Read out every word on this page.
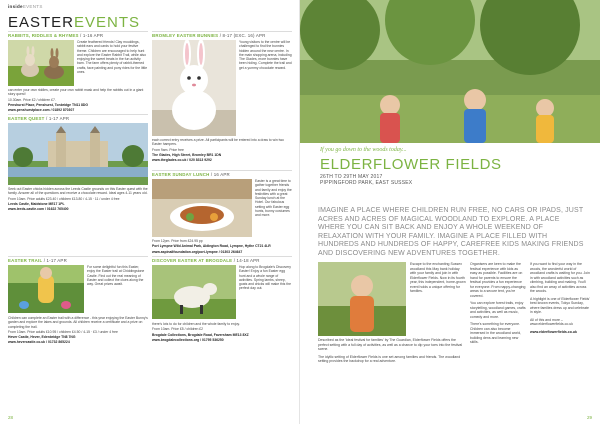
insideEVENTS
EASTEREVENTS
RABBITS, RIDDLES & RHYMES / 1-16 APR

Create feathered friends! Clay mouldings, rabbit ears and cards to hold your festive theme. Children are encouraged to help hunt and explore the Easter Rabbit Trail, while also enjoying the sweet treats in the fun activity barn. The farm offers plenty of rabbit-themed crafts, face painting and pony rides for the little ones.

can enter your own riddles, create your own rabbit mask and help the rabbits out in a giant story quest!

10.30am. Price £2 / children £7.

Penshurst Place, Penshurst, Tonbridge TN11 8DG

www.penshurstplace.com / 01892 870307

EASTER QUEST / 1-17 APR

Seek out Easter chicks hidden across the Leeds Castle grounds on this Easter quest with the family. Answer all of the questions and receive a chocolate reward. Ideal ages 4-11 years old.

From 10am. Price adults £23.40 / children £13.80 / 4-15 · 11 / under 4 free

Leeds Castle, Maidstone ME17 1PL

www.leeds-castle.com / 01622 765400

EASTER TRAIL / 1-17 APR

For some delightful fun this Easter, enjoy the Easter trail at Chiddingstone Castle. Find out the real meaning of Easter and collect the clues along the way. Great prizes await.

Children can complete an Easter trail with a difference - this year enjoying the Easter Bunny's garden and explore the lakes and grounds. All children receive a certificate and a prize on completing the trail.

From 10am. Price adults £10.95 / children £4.50 / 4-15 · £3 / under 4 free

Hever Castle, Hever, Edenbridge TN8 7NG

www.hevercastle.co.uk / 01732 865224

BROMLEY EASTER BUNNIES / 8-17 (EXC. 16) APR

Young visitors to the centre will be challenged to find the bunnies hidden around the new centre. In the main shopping arena, including The Glades, more bunnies have been hiding. Complete the trail and get a yummy chocolate reward.

each correct entry receives a prize. All participants will be entered into a draw to win two Easter hampers.

From 9am. Price free

The Glades, High Street, Bromley BR1 1DN

www.theglades.co.uk / 020 8313 9292

EASTER SUNDAY LUNCH / 16 APR

Easter is a great time to gather together friends and family and enjoy the festivities with a great Sunday lunch at the Hotel. Our fabulous setting with Easter egg hunts, bunny costumes and more.

From 12pm. Price from £24.95 pp

Port Lympne Wild Animal Park, Aldington Road, Lympne, Hythe CT21 4LR

www.aspinallfoundation.org/port-lympne / 01303 264647

DISCOVER EASTER AT BROGDALE / 14-18 APR

Hop along to Brogdale's Discovery Easter! Enjoy a fun Easter egg hunt and a whole range of activities. Spring lambs, sheep, goats and chicks will make this the perfect day out.

there's lots to do for children and the whole family to enjoy.

From 10am. Price £5 / children £2

Brogdale Collections, Brogdale Road, Faversham ME13 8XZ

www.brogdalecollections.org / 01795 536250

28	29
If you go down to the woods today...
ELDERFLOWER FIELDS
26TH TO 29TH MAY 2017
PIPPINGFORD PARK, EAST SUSSEX
IMAGINE A PLACE WHERE CHILDREN RUN FREE, NO CARS OR IPADS, JUST ACRES AND ACRES OF MAGICAL WOODLAND TO EXPLORE. A PLACE WHERE YOU CAN SIT BACK AND ENJOY A WHOLE WEEKEND OF RELAXATION WITH YOUR FAMILY. IMAGINE A PLACE FILLED WITH HUNDREDS AND HUNDREDS OF HAPPY, CAREFREE KIDS MAKING FRIENDS AND DISCOVERING NEW ADVENTURES TOGETHER.

Escape to the enchanting Sussex woodland this May bank holiday with your family and join in with Elderflower Fields. Now in its fourth year, this independent, home-grown event holds a unique offering for families.

Described as the 'ideal festival for families' by The Guardian, Elderflower Fields offers the perfect setting with a full day of activities, as well as a chance to dip your toes into the festival scene.

The idyllic setting of Elderflower Fields is one set among families and friends. The woodland setting provides the backdrop for a real adventure.

Organisers are keen to make the festival experience with kids as easy as possible. Facilities are on hand for parents to ensure the festival provides a fun experience for everyone. From nappy-changing areas to a secure tent, you're covered.

You can explore forest trails, enjoy storytelling, woodland games, crafts and activities, as well as music, comedy and more.

There's something for everyone. Children can also become immersed in the woodland world, building dens and learning new skills.

If you want to find your way in the woods, the wonderful world of woodland crafts is waiting for you. Join in with woodland activities such as climbing, building and making. You'll also find an array of activities across the woods.

A highlight is one of Elderflower Fields' best known events, Tokyo Sunday, where families dress up and celebrate in style.

All of this and more – www.elderflowerfields.co.uk

www.elderflowerfields.co.uk
